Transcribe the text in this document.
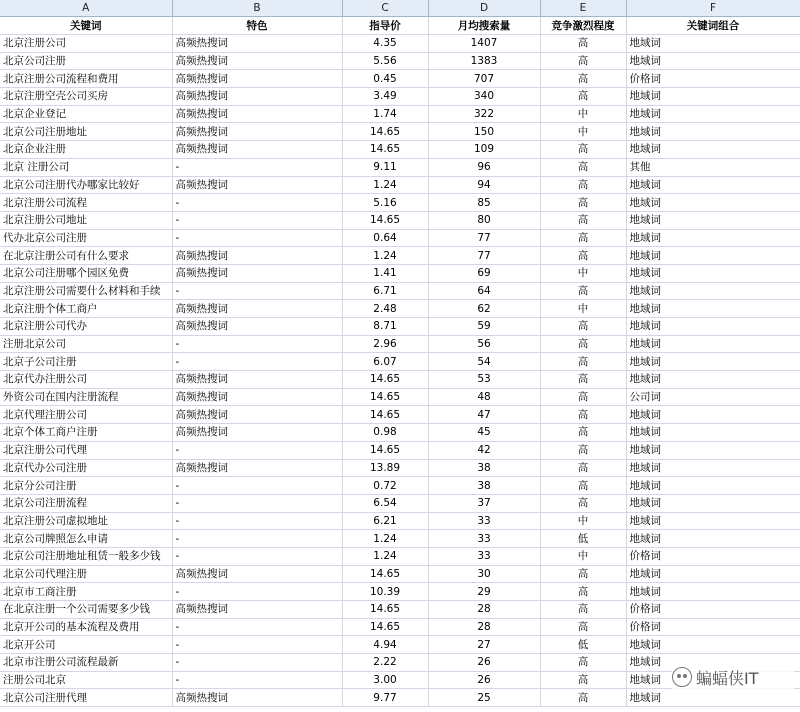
A	B	C	D	E	F
关键词	特色	指导价	月均搜索量	竞争激烈程度	关键词组合
北京注册公司	高频热搜词	4.35	1407	高	地域词
北京公司注册	高频热搜词	5.56	1383	高	地域词
北京注册公司流程和费用	高频热搜词	0.45	707	高	价格词
北京注册空壳公司买房	高频热搜词	3.49	340	高	地域词
北京企业登记	高频热搜词	1.74	322	中	地域词
北京公司注册地址	高频热搜词	14.65	150	中	地域词
北京企业注册	高频热搜词	14.65	109	高	地域词
北京 注册公司	-	9.11	96	高	其他
北京公司注册代办哪家比较好	高频热搜词	1.24	94	高	地域词
北京注册公司流程	-	5.16	85	高	地域词
北京注册公司地址	-	14.65	80	高	地域词
代办北京公司注册	-	0.64	77	高	地域词
在北京注册公司有什么要求	高频热搜词	1.24	77	高	地域词
北京公司注册哪个园区免费	高频热搜词	1.41	69	中	地域词
北京注册公司需要什么材料和手续	-	6.71	64	高	地域词
北京注册个体工商户	高频热搜词	2.48	62	中	地域词
北京注册公司代办	高频热搜词	8.71	59	高	地域词
注册北京公司	-	2.96	56	高	地域词
北京子公司注册	-	6.07	54	高	地域词
北京代办注册公司	高频热搜词	14.65	53	高	地域词
外资公司在国内注册流程	高频热搜词	14.65	48	高	公司词
北京代理注册公司	高频热搜词	14.65	47	高	地域词
北京个体工商户注册	高频热搜词	0.98	45	高	地域词
北京注册公司代理	-	14.65	42	高	地域词
北京代办公司注册	高频热搜词	13.89	38	高	地域词
北京分公司注册	-	0.72	38	高	地域词
北京公司注册流程	-	6.54	37	高	地域词
北京注册公司虚拟地址	-	6.21	33	中	地域词
北京公司牌照怎么申请	-	1.24	33	低	地域词
北京公司注册地址租赁一般多少钱	-	1.24	33	中	价格词
北京公司代理注册	高频热搜词	14.65	30	高	地域词
北京市工商注册	-	10.39	29	高	地域词
在北京注册一个公司需要多少钱	高频热搜词	14.65	28	高	价格词
北京开公司的基本流程及费用	-	14.65	28	高	价格词
北京开公司	-	4.94	27	低	地域词
北京市注册公司流程最新	-	2.22	26	高	地域词
注册公司北京	-	3.00	26	高	地域词
北京公司注册代理	高频热搜词	9.77	25	高	地域词
蝙蝠侠IT
